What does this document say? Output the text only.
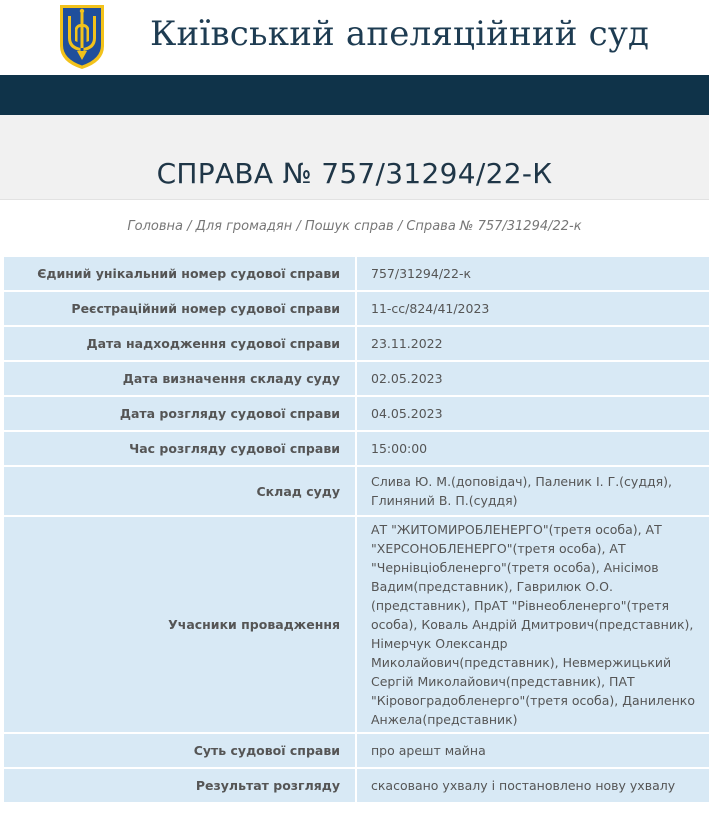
Київський апеляційний суд
СПРАВА № 757/31294/22-К
Головна / Для громадян / Пошук справ / Справа № 757/31294/22-к
Єдиний унікальний номер судової справи	757/31294/22-к
Реєстраційний номер судової справи	11-сс/824/41/2023
Дата надходження судової справи	23.11.2022
Дата визначення складу суду	02.05.2023
Дата розгляду судової справи	04.05.2023
Час розгляду судової справи	15:00:00
Склад суду	Слива Ю. М.(доповідач), Паленик І. Г.(суддя), Глиняний В. П.(суддя)
Учасники провадження	АТ "ЖИТОМИРОБЛЕНЕРГО"(третя особа), АТ "ХЕРСОНОБЛЕНЕРГО"(третя особа), АТ "Чернівціобленерго"(третя особа), Анісімов Вадим(представник), Гаврилюк О.О.(представник), ПрАТ "Рівнеобленерго"(третя особа), Коваль Андрій Дмитрович(представник), Німерчук Олександр Миколайович(представник), Невмержицький Сергій Миколайович(представник), ПАТ "Кіровоградобленерго"(третя особа), Даниленко Анжела(представник)
Суть судової справи	про арешт майна
Результат розгляду	скасовано ухвалу і постановлено нову ухвалу
